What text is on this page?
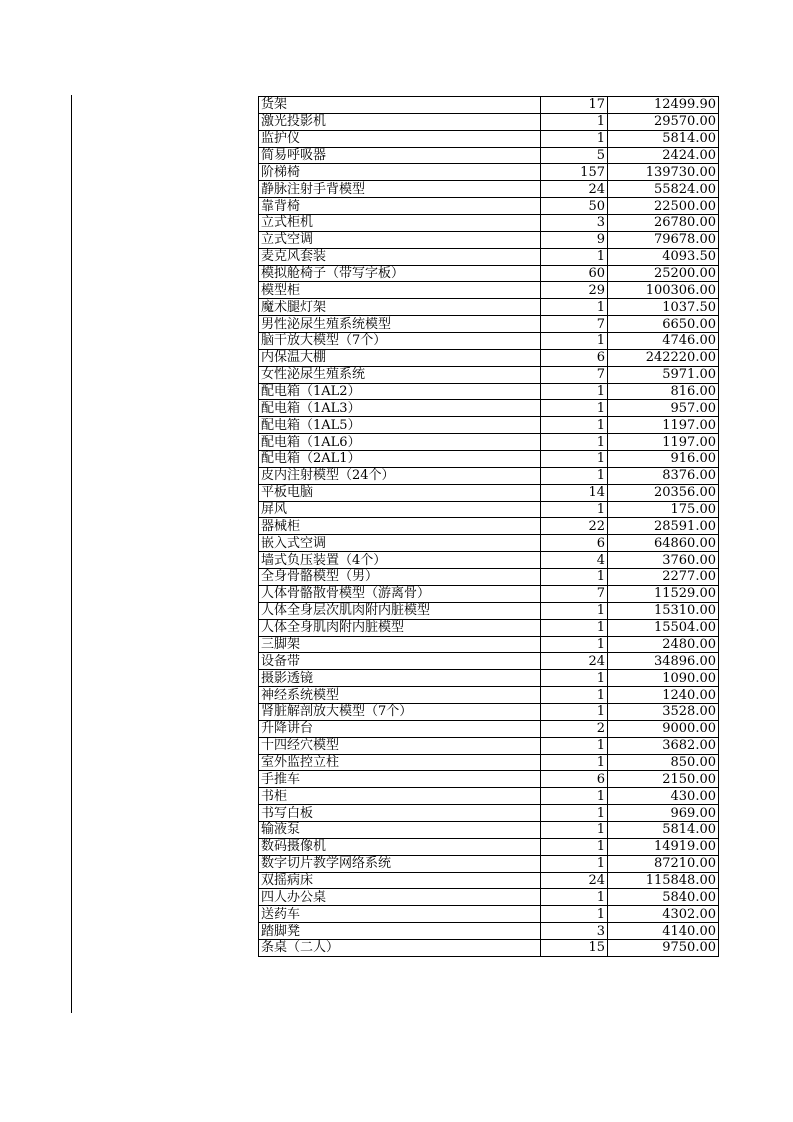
货架	17	12499.90
激光投影机	1	29570.00
监护仪	1	5814.00
简易呼吸器	5	2424.00
阶梯椅	157	139730.00
静脉注射手背模型	24	55824.00
靠背椅	50	22500.00
立式柜机	3	26780.00
立式空调	9	79678.00
麦克风套装	1	4093.50
模拟舱椅子（带写字板）	60	25200.00
模型柜	29	100306.00
魔术腿灯架	1	1037.50
男性泌尿生殖系统模型	7	6650.00
脑干放大模型（7个）	1	4746.00
内保温大棚	6	242220.00
女性泌尿生殖系统	7	5971.00
配电箱（1AL2）	1	816.00
配电箱（1AL3）	1	957.00
配电箱（1AL5）	1	1197.00
配电箱（1AL6）	1	1197.00
配电箱（2AL1）	1	916.00
皮内注射模型（24个）	1	8376.00
平板电脑	14	20356.00
屏风	1	175.00
器械柜	22	28591.00
嵌入式空调	6	64860.00
墙式负压装置（4个）	4	3760.00
全身骨骼模型（男）	1	2277.00
人体骨骼散骨模型（游离骨）	7	11529.00
人体全身层次肌肉附内脏模型	1	15310.00
人体全身肌肉附内脏模型	1	15504.00
三脚架	1	2480.00
设备带	24	34896.00
摄影透镜	1	1090.00
神经系统模型	1	1240.00
肾脏解剖放大模型（7个）	1	3528.00
升降讲台	2	9000.00
十四经穴模型	1	3682.00
室外监控立柱	1	850.00
手推车	6	2150.00
书柜	1	430.00
书写白板	1	969.00
输液泵	1	5814.00
数码摄像机	1	14919.00
数字切片教学网络系统	1	87210.00
双摇病床	24	115848.00
四人办公桌	1	5840.00
送药车	1	4302.00
踏脚凳	3	4140.00
条桌（二人）	15	9750.00
